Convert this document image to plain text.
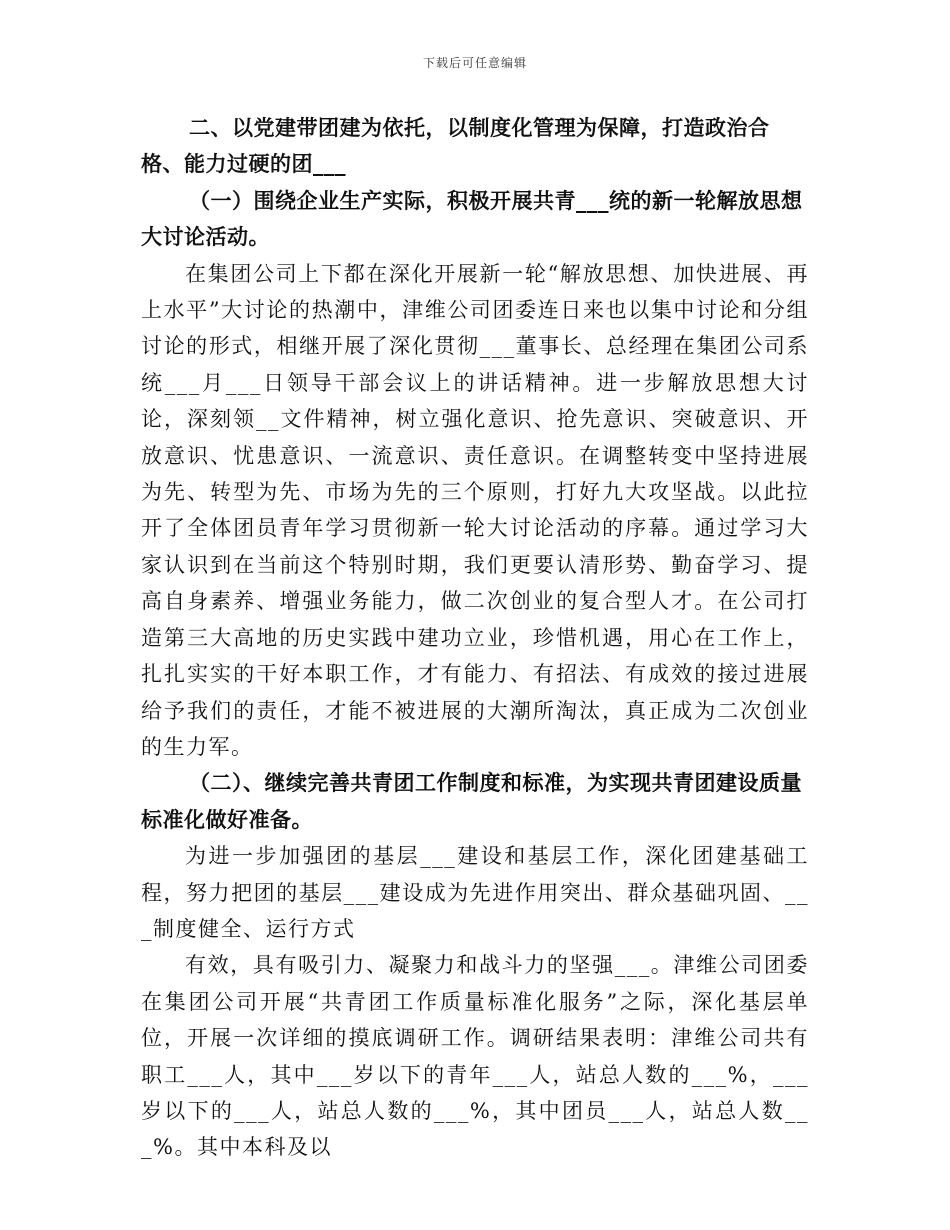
下载后可任意编辑

二、以党建带团建为依托，以制度化管理为保障，打造政治合格、能力过硬的团___

（一）围绕企业生产实际，积极开展共青___统的新一轮解放思想大讨论活动。

在集团公司上下都在深化开展新一轮“解放思想、加快进展、再上水平”大讨论的热潮中，津维公司团委连日来也以集中讨论和分组讨论的形式，相继开展了深化贯彻___董事长、总经理在集团公司系统___月___日领导干部会议上的讲话精神。进一步解放思想大讨论，深刻领__文件精神，树立强化意识、抢先意识、突破意识、开放意识、忧患意识、一流意识、责任意识。在调整转变中坚持进展为先、转型为先、市场为先的三个原则，打好九大攻坚战。以此拉开了全体团员青年学习贯彻新一轮大讨论活动的序幕。通过学习大家认识到在当前这个特别时期，我们更要认清形势、勤奋学习、提高自身素养、增强业务能力，做二次创业的复合型人才。在公司打造第三大高地的历史实践中建功立业，珍惜机遇，用心在工作上，扎扎实实的干好本职工作，才有能力、有招法、有成效的接过进展给予我们的责任，才能不被进展的大潮所淘汰，真正成为二次创业的生力军。

（二）、继续完善共青团工作制度和标准，为实现共青团建设质量标准化做好准备。

为进一步加强团的基层___建设和基层工作，深化团建基础工程，努力把团的基层___建设成为先进作用突出、群众基础巩固、___制度健全、运行方式

有效，具有吸引力、凝聚力和战斗力的坚强___。津维公司团委在集团公司开展“共青团工作质量标准化服务”之际，深化基层单位，开展一次详细的摸底调研工作。调研结果表明：津维公司共有职工___人，其中___岁以下的青年___人，站总人数的___%，___岁以下的___人，站总人数的___%，其中团员___人，站总人数___%。其中本科及以
